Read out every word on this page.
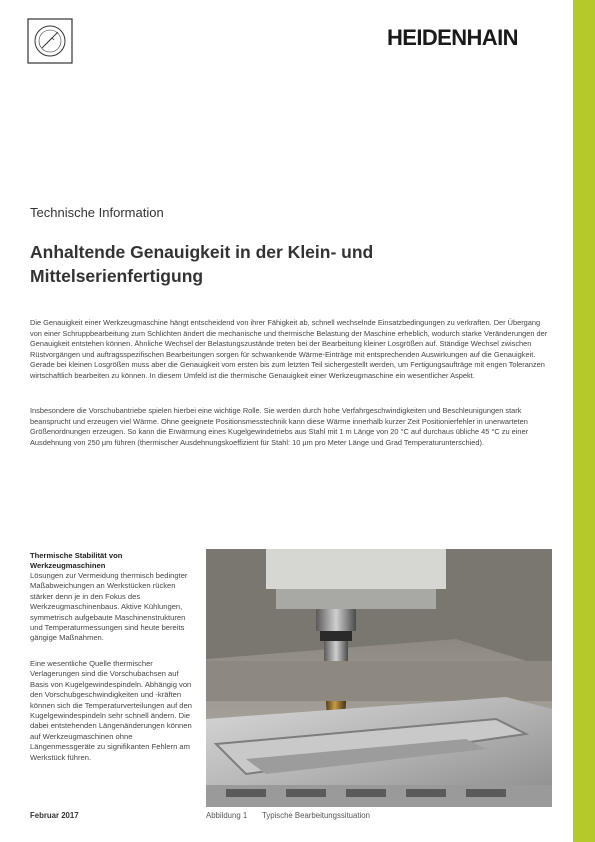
HEIDENHAIN
Technische Information
Anhaltende Genauigkeit in der Klein- und Mittelserienfertigung

Die Genauigkeit einer Werkzeugmaschine hängt entscheidend von ihrer Fähigkeit ab, schnell wechselnde Einsatzbedingungen zu verkraften. Der Übergang von einer Schruppbearbeitung zum Schlichten ändert die mechanische und thermische Belastung der Maschine erheblich, wodurch starke Veränderungen der Genauigkeit entstehen können. Ähnliche Wechsel der Belastungszustände treten bei der Bearbeitung kleiner Losgrößen auf. Ständige Wechsel zwischen Rüstvorgängen und auftragsspezifischen Bearbeitungen sorgen für schwankende Wärme-Einträge mit entsprechenden Auswirkungen auf die Genauigkeit. Gerade bei kleinen Losgrößen muss aber die Genauigkeit vom ersten bis zum letzten Teil sichergestellt werden, um Fertigungsaufträge mit engen Toleranzen wirtschaftlich bearbeiten zu können. In diesem Umfeld ist die thermische Genauigkeit einer Werkzeugmaschine ein wesentlicher Aspekt.

Insbesondere die Vorschubantriebe spielen hierbei eine wichtige Rolle. Sie werden durch hohe Verfahrgeschwindigkeiten und Beschleunigungen stark beansprucht und erzeugen viel Wärme. Ohne geeignete Positionsmesstechnik kann diese Wärme innerhalb kurzer Zeit Positionierfehler in unerwarteten Größenordnungen erzeugen. So kann die Erwärmung eines Kugelgewindetriebs aus Stahl mit 1 m Länge von 20 °C auf durchaus übliche 45 °C zu einer Ausdehnung von 250 µm führen (thermischer Ausdehnungskoeffizient für Stahl: 10 µm pro Meter Länge und Grad Temperaturunterschied).

Thermische Stabilität von Werkzeugmaschinen

Lösungen zur Vermeidung thermisch bedingter Maßabweichungen an Werkstücken rücken stärker denn je in den Fokus des Werkzeugmaschinenbaus. Aktive Kühlungen, symmetrisch aufgebaute Maschinenstrukturen und Temperaturmessungen sind heute bereits gängige Maßnahmen.

Eine wesentliche Quelle thermischer Verlagerungen sind die Vorschubachsen auf Basis von Kugelgewindespindeln. Abhängig von den Vorschubgeschwindigkeiten und -kräften können sich die Temperaturverteilungen auf den Kugelgewindespindeln sehr schnell ändern. Die dabei entstehenden Längenänderungen können auf Werkzeugmaschinen ohne Längenmessgeräte zu signifikanten Fehlern am Werkstück führen.

Abbildung 1 Typische Bearbeitungssituation
Februar 2017
